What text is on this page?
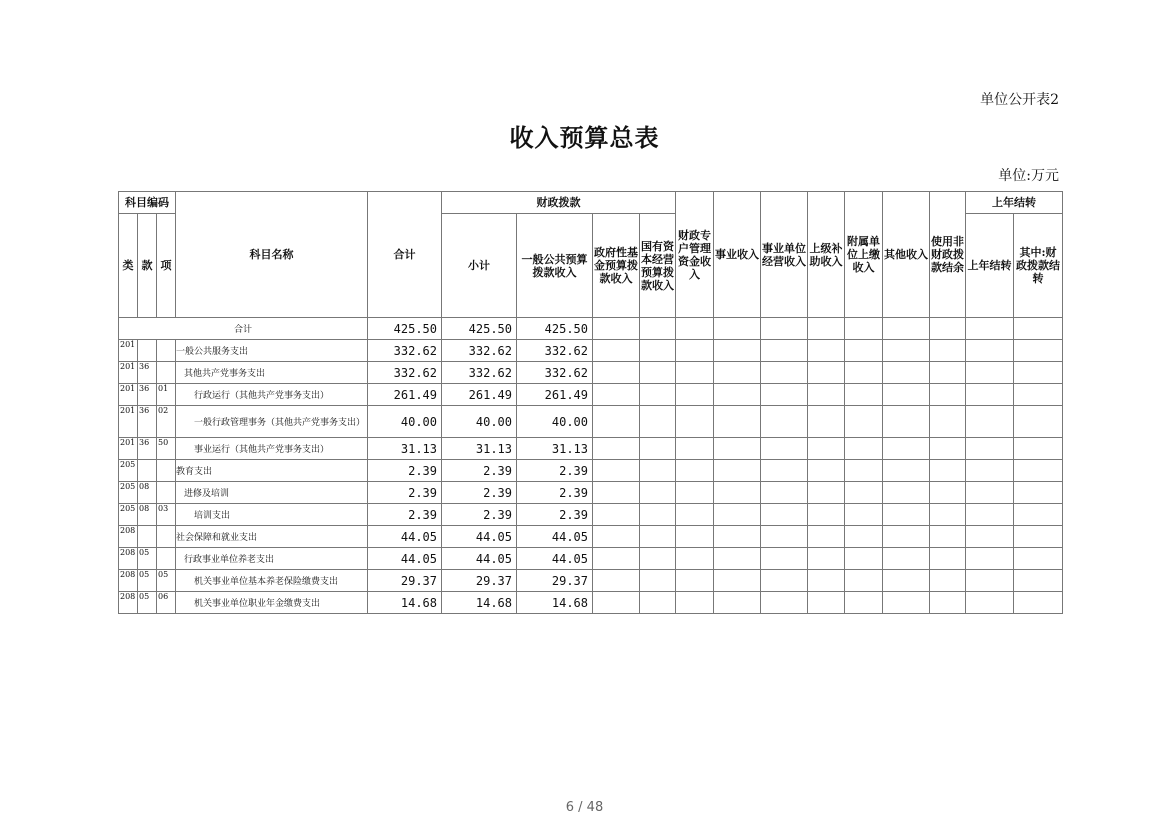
单位公开表2
收入预算总表
单位:万元
科目编码			科目名称	合计	财政拨款				财政专户管理资金收入	事业收入	事业单位经营收入	上级补助收入	附属单位上缴收入	其他收入	使用非财政拨款结余	上年结转	
类	款	项			小计	一般公共预算拨款收入	政府性基金预算拨款收入	国有资本经营预算拨款收入								上年结转	其中:财政拨款结转
合计				425.50	425.50	425.50											
201			一般公共服务支出	332.62	332.62	332.62											
201	36		其他共产党事务支出	332.62	332.62	332.62											
201	36	01	行政运行（其他共产党事务支出）	261.49	261.49	261.49											
201	36	02	一般行政管理事务（其他共产党事务支出）	40.00	40.00	40.00											
201	36	50	事业运行（其他共产党事务支出）	31.13	31.13	31.13											
205			教育支出	2.39	2.39	2.39											
205	08		进修及培训	2.39	2.39	2.39											
205	08	03	培训支出	2.39	2.39	2.39											
208			社会保障和就业支出	44.05	44.05	44.05											
208	05		行政事业单位养老支出	44.05	44.05	44.05											
208	05	05	机关事业单位基本养老保险缴费支出	29.37	29.37	29.37											
208	05	06	机关事业单位职业年金缴费支出	14.68	14.68	14.68											
6 / 48
